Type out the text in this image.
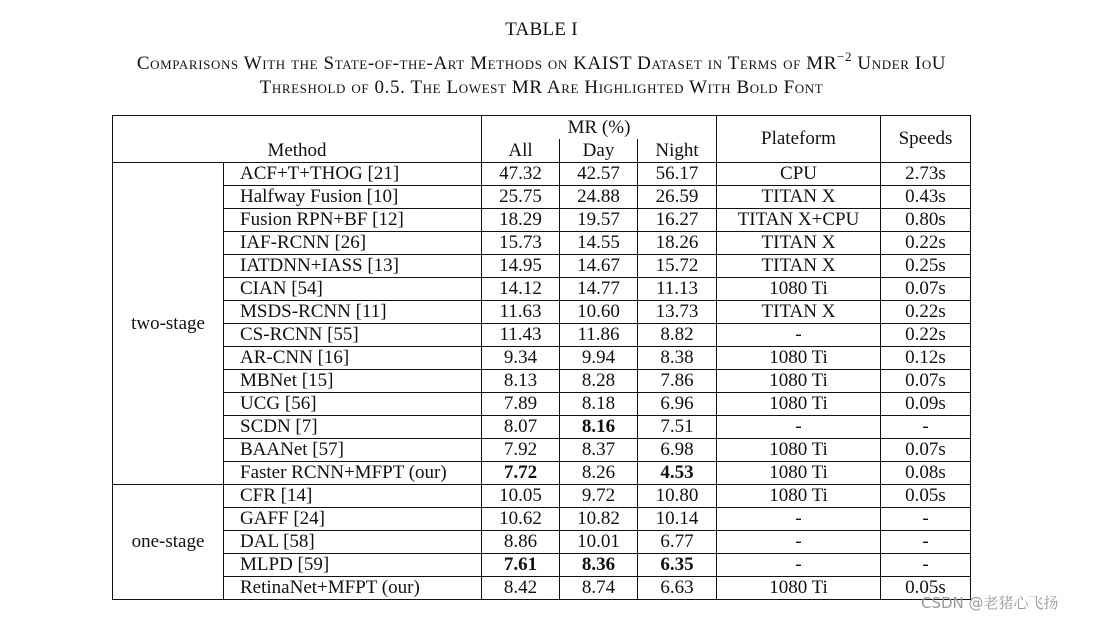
TABLE I
Comparisons With the State-of-the-Art Methods on KAIST Dataset in Terms of $MR^{-2}$ Under IoU
Threshold of 0.5. The Lowest MR Are Highlighted With Bold Font
Method		MR (%)			Plateform	Speeds
		All	Day	Night		
two-stage	ACF+T+THOG [21]	47.32	42.57	56.17	CPU	2.73s
	Halfway Fusion [10]	25.75	24.88	26.59	TITAN X	0.43s
	Fusion RPN+BF [12]	18.29	19.57	16.27	TITAN X+CPU	0.80s
	IAF-RCNN [26]	15.73	14.55	18.26	TITAN X	0.22s
	IATDNN+IASS [13]	14.95	14.67	15.72	TITAN X	0.25s
	CIAN [54]	14.12	14.77	11.13	1080 Ti	0.07s
	MSDS-RCNN [11]	11.63	10.60	13.73	TITAN X	0.22s
	CS-RCNN [55]	11.43	11.86	8.82	-	0.22s
	AR-CNN [16]	9.34	9.94	8.38	1080 Ti	0.12s
	MBNet [15]	8.13	8.28	7.86	1080 Ti	0.07s
	UCG [56]	7.89	8.18	6.96	1080 Ti	0.09s
	SCDN [7]	8.07	8.16	7.51	-	-
	BAANet [57]	7.92	8.37	6.98	1080 Ti	0.07s
	Faster RCNN+MFPT (our)	7.72	8.26	4.53	1080 Ti	0.08s
one-stage	CFR [14]	10.05	9.72	10.80	1080 Ti	0.05s
	GAFF [24]	10.62	10.82	10.14	-	-
	DAL [58]	8.86	10.01	6.77	-	-
	MLPD [59]	7.61	8.36	6.35	-	-
	RetinaNet+MFPT (our)	8.42	8.74	6.63	1080 Ti	0.05s
CSDN @老猪心飞扬
